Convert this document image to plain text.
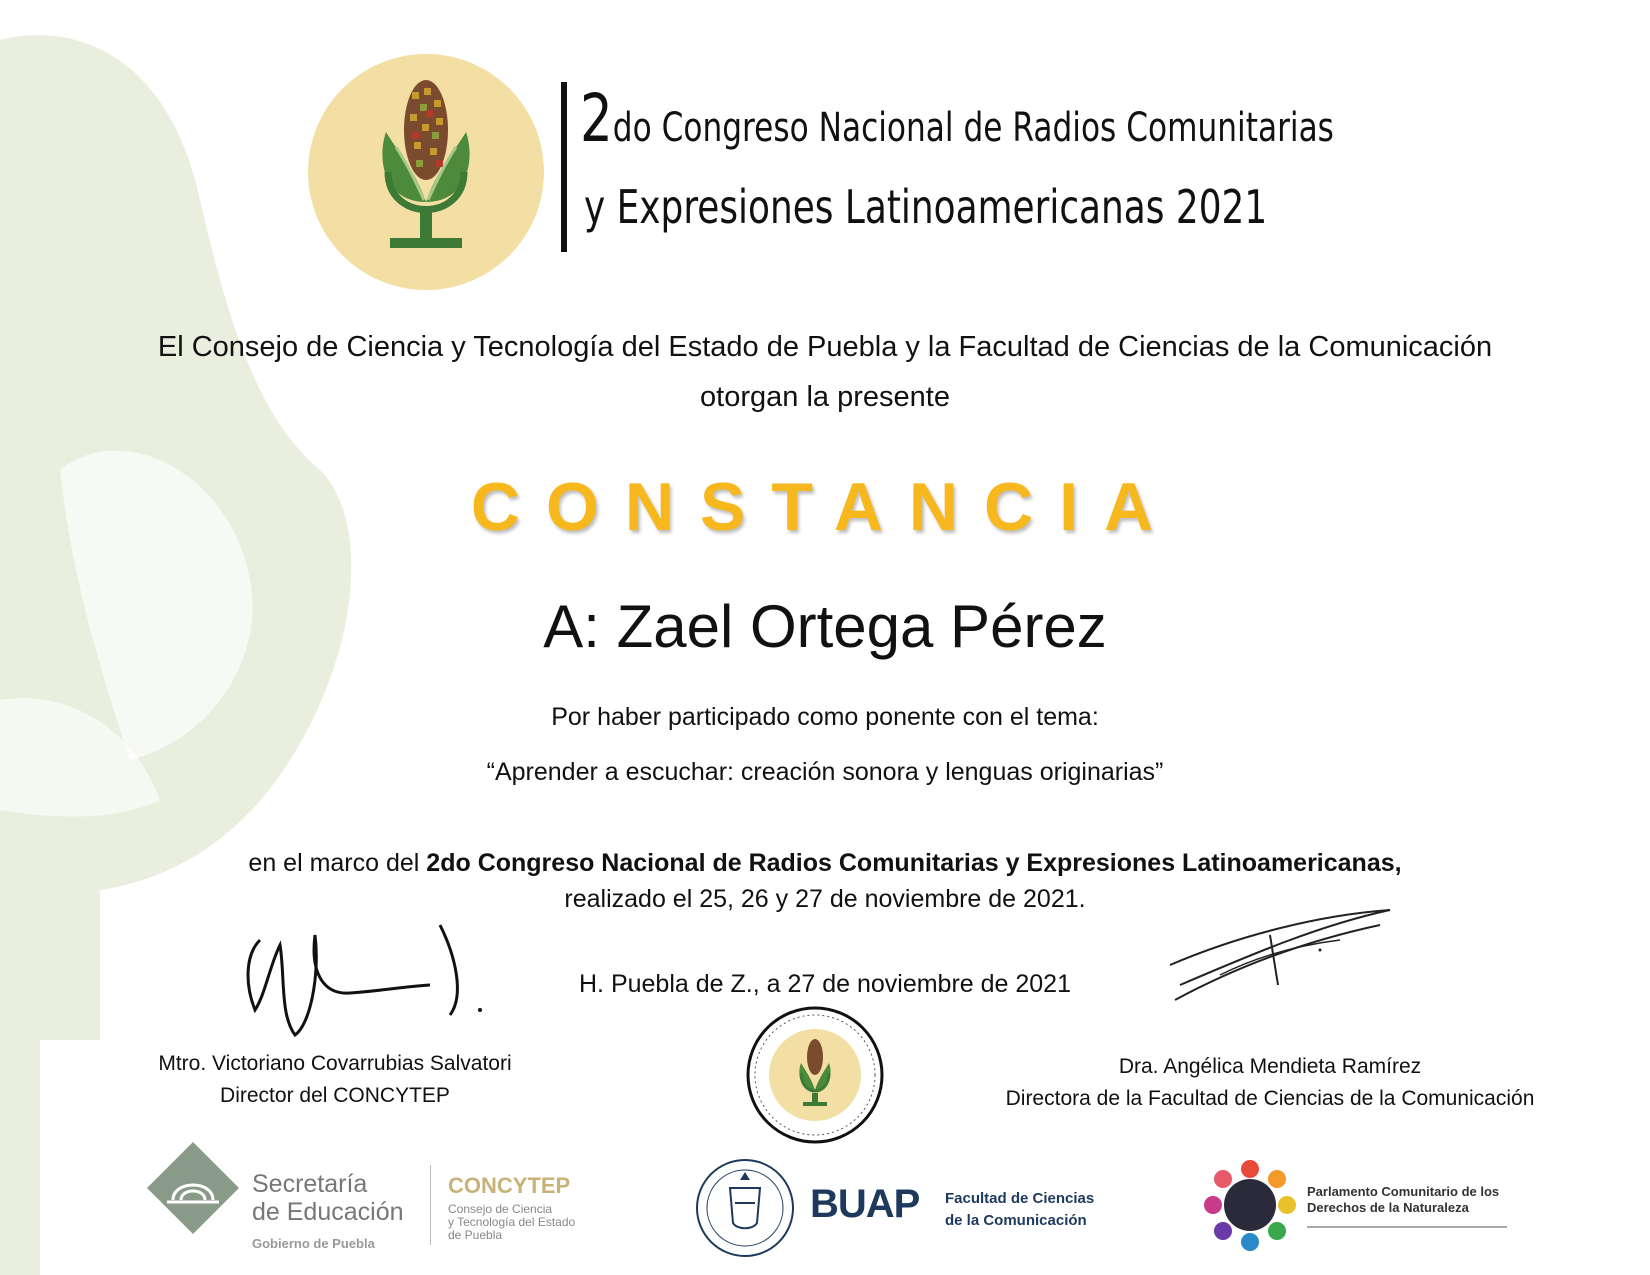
2do Congreso Nacional de Radios Comunitarias
y Expresiones Latinoamericanas 2021
El Consejo de Ciencia y Tecnología del Estado de Puebla y la Facultad de Ciencias de la Comunicación
otorgan la presente
CONSTANCIA
A: Zael Ortega Pérez
Por haber participado como ponente con el tema:
“Aprender a escuchar: creación sonora y lenguas originarias”
en el marco del 2do Congreso Nacional de Radios Comunitarias y Expresiones Latinoamericanas,
realizado el 25, 26 y 27 de noviembre de 2021.
H. Puebla de Z., a 27 de noviembre de 2021
Mtro. Victoriano Covarrubias Salvatori
Director del CONCYTEP
Dra. Angélica Mendieta Ramírez
Directora de la Facultad de Ciencias de la Comunicación
Secretaría
de Educación
Gobierno de Puebla
CONCYTEP
Consejo de Ciencia
y Tecnología del Estado
de Puebla
BUAP Facultad de Ciencias
de la Comunicación
Parlamento Comunitario de los
Derechos de la Naturaleza
